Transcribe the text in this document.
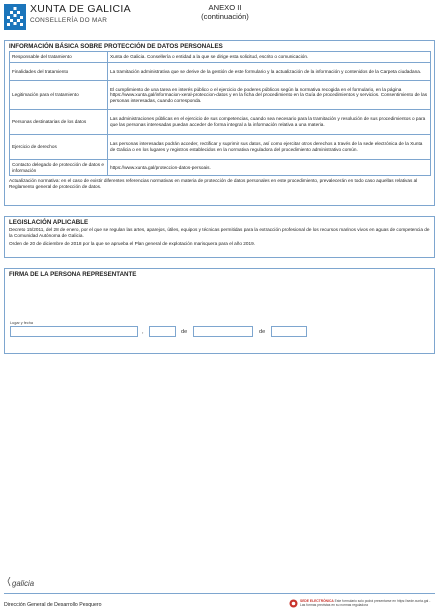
XUNTA DE GALICIA
CONSELLERÍA DO MAR
ANEXO II
(continuación)
INFORMACIÓN BÁSICA SOBRE PROTECCIÓN DE DATOS PERSONALES
Responsable del tratamiento	Xunta de Galicia. Consellería o entidad a la que se dirige esta solicitud, escrito o comunicación.
Finalidades del tratamiento	La tramitación administrativa que se derive de la gestión de este formulario y la actualización de la información y contenidos de la Carpeta ciudadana.
Legitimación para el tratamiento	El cumplimiento de una tarea en interés público o el ejercicio de poderes públicos según la normativa recogida en el formulario, en la página https://www.xunta.gal/informacion-xeral-proteccion-datos y en la ficha del procedimiento en la Guía de procedimientos y servicios. Consentimiento de las personas interesadas, cuando corresponda.
Personas destinatarias de los datos	Las administraciones públicas en el ejercicio de sus competencias, cuando sea necesario para la tramitación y resolución de sus procedimientos o para que las personas interesadas puedan acceder de forma integral a la información relativa a una materia.
Ejercicio de derechos	Las personas interesadas podrán acceder, rectificar y suprimir sus datos, así como ejercitar otros derechos a través de la sede electrónica de la Xunta de Galicia o en los lugares y registros establecidos en la normativa reguladora del procedimiento administrativo común.
Contacto delegado de protección de datos e información	https://www.xunta.gal/proteccion-datos-persoais.
Actualización normativa: en el caso de existir diferentes referencias normativas en materia de protección de datos personales en este procedimiento, prevalecerán en todo caso aquellas relativas al Reglamento general de protección de datos.
LEGISLACIÓN APLICABLE

Decreto 15/2011, del 28 de enero, por el que se regulan las artes, aparejos, útiles, equipos y técnicas permitidas para la extracción profesional de los recursos marinos vivos en aguas de competencia de la Comunidad Autónoma de Galicia.

Orden de 20 de diciembre de 2018 por la que se aprueba el Plan general de explotación marisquera para el año 2019.

FIRMA DE LA PERSONA REPRESENTANTE
Lugar y fecha
,	de	de
galicia
Dirección General de Desarrollo Pesquero
SEDE ELECTRÓNICA Este formulario solo podrá presentarse en https://sede.xunta.gal - Las formas previstas en su normas reguladora
